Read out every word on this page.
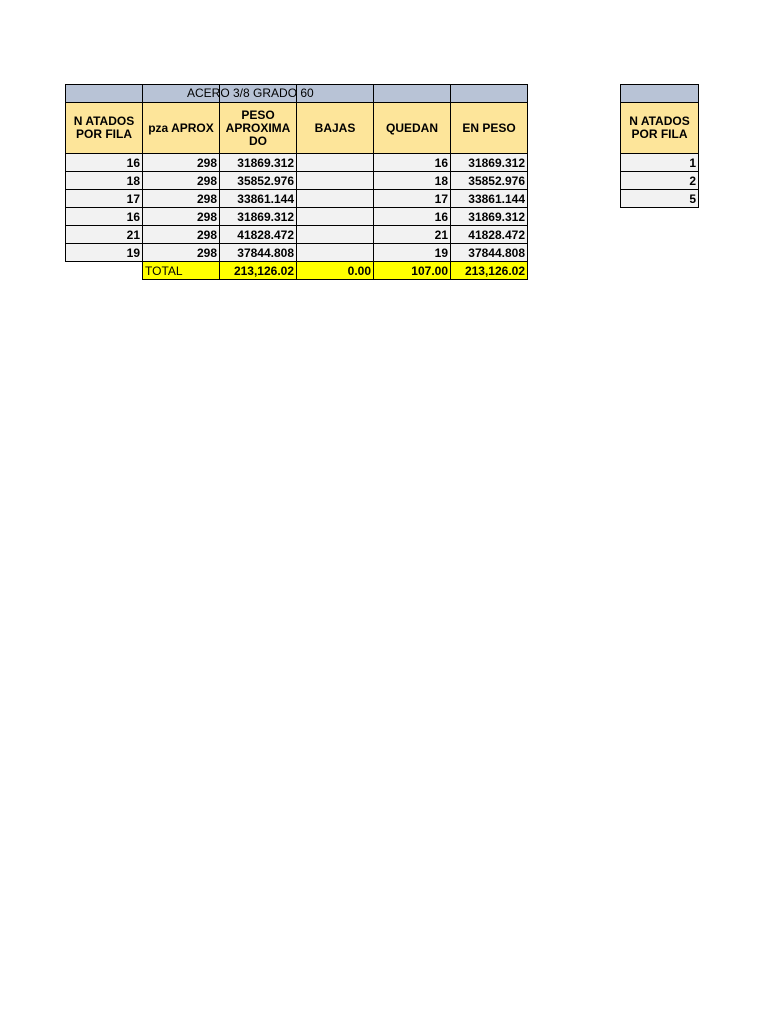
	ACERO 3/8 GRADO 60				

N ATADOS POR FILA	pza APROX	PESO
APROXIMA
DO	BAJAS	QUEDAN	EN PESO
16	298	31869.312		16	31869.312
18	298	35852.976		18	35852.976
17	298	33861.144		17	33861.144
16	298	31869.312		16	31869.312
21	298	41828.472		21	41828.472
19	298	37844.808		19	37844.808
	TOTAL	213,126.02	0.00	107.00	213,126.02

N ATADOS POR FILA
1
2
5
